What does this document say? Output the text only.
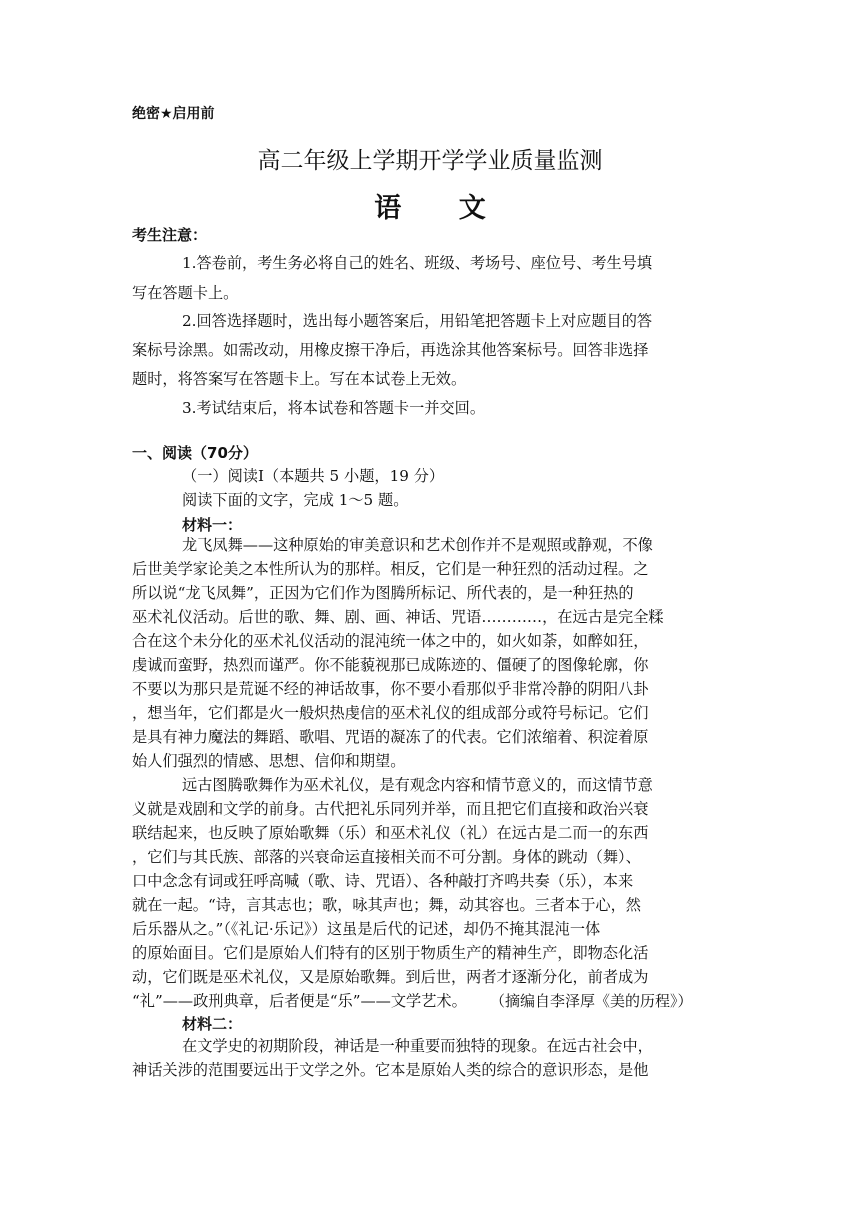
绝密★启用前
高二年级上学期开学学业质量监测
语 文
考生注意：
1.答卷前，考生务必将自己的姓名、班级、考场号、座位号、考生号填
写在答题卡上。
2.回答选择题时，选出每小题答案后，用铅笔把答题卡上对应题目的答
案标号涂黑。如需改动，用橡皮擦干净后，再选涂其他答案标号。回答非选择
题时，将答案写在答题卡上。写在本试卷上无效。
3.考试结束后，将本试卷和答题卡一并交回。
一、阅读（70分）
（一）阅读Ⅰ（本题共 5 小题，19 分）
阅读下面的文字，完成 1～5 题。
材料一：
龙飞凤舞——这种原始的审美意识和艺术创作并不是观照或静观，不像
后世美学家论美之本性所认为的那样。相反，它们是一种狂烈的活动过程。之
所以说“龙飞凤舞”，正因为它们作为图腾所标记、所代表的，是一种狂热的
巫术礼仪活动。后世的歌、舞、剧、画、神话、咒语…………，在远古是完全糅
合在这个未分化的巫术礼仪活动的混沌统一体之中的，如火如荼，如醉如狂，
虔诚而蛮野，热烈而谨严。你不能藐视那已成陈迹的、僵硬了的图像轮廓，你
不要以为那只是荒诞不经的神话故事，你不要小看那似乎非常冷静的阴阳八卦
，想当年，它们都是火一般炽热虔信的巫术礼仪的组成部分或符号标记。它们
是具有神力魔法的舞蹈、歌唱、咒语的凝冻了的代表。它们浓缩着、积淀着原
始人们强烈的情感、思想、信仰和期望。
远古图腾歌舞作为巫术礼仪，是有观念内容和情节意义的，而这情节意
义就是戏剧和文学的前身。古代把礼乐同列并举，而且把它们直接和政治兴衰
联结起来，也反映了原始歌舞（乐）和巫术礼仪（礼）在远古是二而一的东西
，它们与其氏族、部落的兴衰命运直接相关而不可分割。身体的跳动（舞）、
口中念念有词或狂呼高喊（歌、诗、咒语）、各种敲打齐鸣共奏（乐），本来
就在一起。“诗，言其志也；歌，咏其声也；舞，动其容也。三者本于心，然
后乐器从之。”（《礼记·乐记》）这虽是后代的记述，却仍不掩其混沌一体
的原始面目。它们是原始人们特有的区别于物质生产的精神生产，即物态化活
动，它们既是巫术礼仪，又是原始歌舞。到后世，两者才逐渐分化，前者成为
“礼”——政刑典章，后者便是“乐”——文学艺术。 （摘编自李泽厚《美的历程》）
材料二：
在文学史的初期阶段，神话是一种重要而独特的现象。在远古社会中，
神话关涉的范围要远出于文学之外。它本是原始人类的综合的意识形态，是他
